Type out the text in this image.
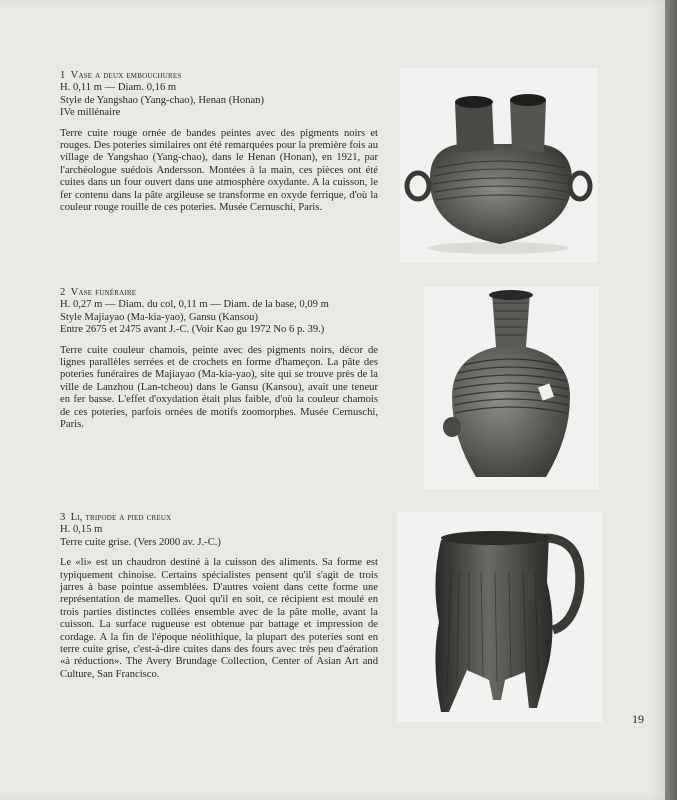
1 Vase a deux embouchures

H. 0,11 m — Diam. 0,16 m

Style de Yangshao (Yang-chao), Henan (Honan)

IVe millénaire

Terre cuite rouge ornée de bandes peintes avec des pigments noirs et rouges. Des poteries similaires ont été remarquées pour la première fois au village de Yangshao (Yang-chao), dans le Henan (Honan), en 1921, par l'archéologue suédois Andersson. Montées à la main, ces pièces ont été cuites dans un four ouvert dans une atmosphère oxydante. A la cuisson, le fer contenu dans la pâte argileuse se transforme en oxyde ferrique, d'où la couleur rouge rouille de ces poteries. Musée Cernuschi, Paris.

2 Vase funéraire

H. 0,27 m — Diam. du col, 0,11 m — Diam. de la base, 0,09 m

Style Majiayao (Ma-kia-yao), Gansu (Kansou)

Entre 2675 et 2475 avant J.-C. (Voir Kao gu 1972 No 6 p. 39.)

Terre cuite couleur chamois, peinte avec des pigments noirs, décor de lignes parallèles serrées et de crochets en forme d'hameçon. La pâte des poteries funéraires de Majiayao (Ma-kia-yao), site qui se trouve près de la ville de Lanzhou (Lan-tcheou) dans le Gansu (Kansou), avait une teneur en fer basse. L'effet d'oxydation était plus faible, d'où la couleur chamois de ces poteries, parfois ornées de motifs zoomorphes. Musée Cernuschi, Paris.

3 Li, tripode a pied creux

H. 0,15 m

Terre cuite grise. (Vers 2000 av. J.-C.)

Le «li» est un chaudron destiné à la cuisson des aliments. Sa forme est typiquement chinoise. Certains spécialistes pensent qu'il s'agit de trois jarres à base pointue assemblées. D'autres voient dans cette forme une représentation de mamelles. Quoi qu'il en soit, ce récipient est moulé en trois parties distinctes collées ensemble avec de la pâte molle, avant la cuisson. La surface rugueuse est obtenue par battage et impression de cordage. A la fin de l'époque néolithique, la plupart des poteries sont en terre cuite grise, c'est-à-dire cuites dans des fours avec très peu d'aération «à réduction». The Avery Brundage Collection, Center of Asian Art and Culture, San Francisco.

19
